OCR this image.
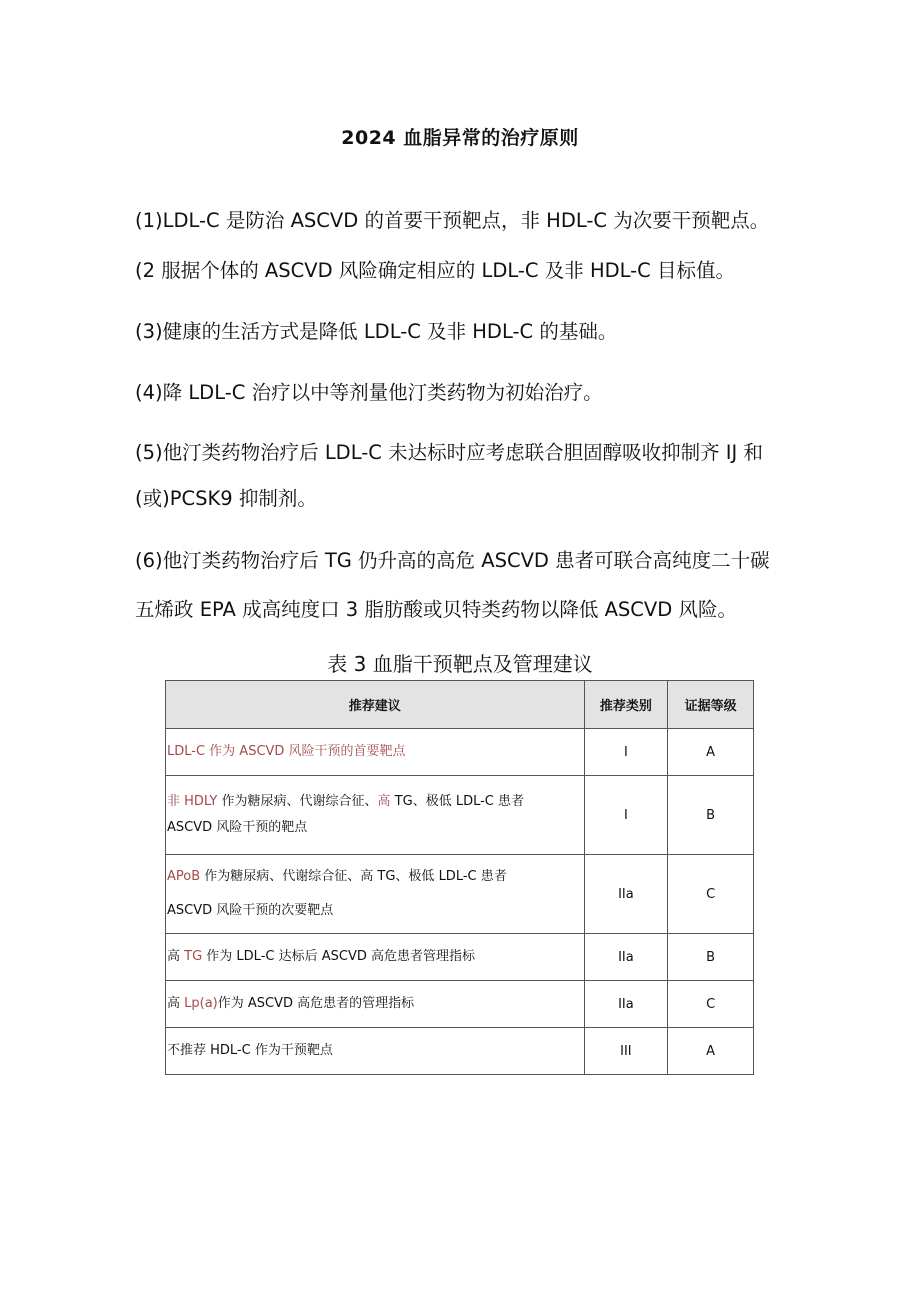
2024 血脂异常的治疗原则
(1)LDL-C 是防治 ASCVD 的首要干预靶点，非 HDL-C 为次要干预靶点。
(2 服据个体的 ASCVD 风险确定相应的 LDL-C 及非 HDL-C 目标值。
(3)健康的生活方式是降低 LDL-C 及非 HDL-C 的基础。
(4)降 LDL-C 治疗以中等剂量他汀类药物为初始治疗。
(5)他汀类药物治疗后 LDL-C 未达标时应考虑联合胆固醇吸收抑制齐 IJ 和
(或)PCSK9 抑制剂。
(6)他汀类药物治疗后 TG 仍升高的高危 ASCVD 患者可联合高纯度二十碳
五烯政 EPA 成高纯度口 3 脂肪酸或贝特类药物以降低 ASCVD 风险。
表 3 血脂干预靶点及管理建议
推荐建议	推荐类别	证据等级
LDL-C 作为 ASCVD 风险干预的首要靶点	I	A
非 HDLY 作为糖尿病、代谢综合征、高 TG、极低 LDL-C 患者
ASCVD 风险干预的靶点	I	B
APoB 作为糖尿病、代谢综合征、高 TG、极低 LDL-C 患者
ASCVD 风险干预的次要靶点	IIa	C
高 TG 作为 LDL-C 达标后 ASCVD 高危患者管理指标	IIa	B
高 Lp(a)作为 ASCVD 高危患者的管理指标	IIa	C
不推荐 HDL-C 作为干预靶点	III	A
